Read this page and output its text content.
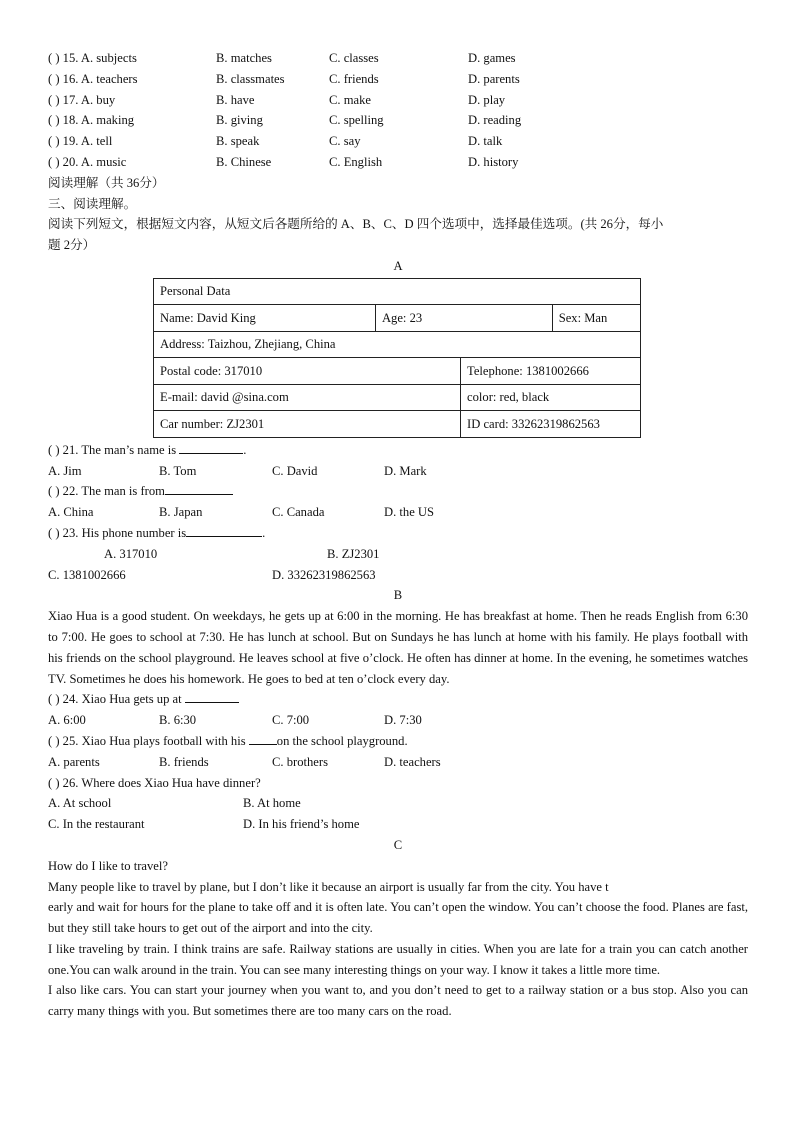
( ) 15. A. subjects	B. matches	C. classes	D. games
( ) 16. A. teachers	B. classmates	C. friends	D. parents
( ) 17. A. buy	B. have	C. make	D. play
( ) 18. A. making	B. giving	C. spelling	D. reading
( ) 19. A. tell	B. speak	C. say	D. talk
( ) 20. A. music	B. Chinese	C. English	D. history
阅读理解（共 36分）
三、阅读理解。
阅读下列短文，根据短文内容，从短文后各题所给的 A、B、C、D 四个选项中，选择最佳选项。(共 26分，每小
题 2分）
A
Personal Data			
Name: David King	Age: 23		Sex: Man
Address: Taizhou, Zhejiang, China			
Postal code: 317010		Telephone: 1381002666	
E-mail: david @sina.com		color: red, black	
Car number: ZJ2301		ID card: 33262319862563	
( ) 21. The man’s name is	.
A. Jim	B. Tom	C. David	D. Mark
( ) 22. The man is from
A. China	B. Japan	C. Canada	D. the US
( ) 23. His phone number is	.
A. 317010	B. ZJ2301
C. 1381002666	D. 33262319862563
B

Xiao Hua is a good student. On weekdays, he gets up at 6:00 in the morning. He has breakfast at home. Then he reads English from 6:30 to 7:00. He goes to school at 7:30. He has lunch at school. But on Sundays he has lunch at home with his family. He plays football with his friends on the school playground. He leaves school at five o’clock. He often has dinner at home. In the evening, he sometimes watches TV. Sometimes he does his homework. He goes to bed at ten o’clock every day.

( ) 24. Xiao Hua gets up at
A. 6:00	B. 6:30	C. 7:00	D. 7:30
( ) 25. Xiao Hua plays football with his on the school playground.
A. parents	B. friends	C. brothers	D. teachers
( ) 26. Where does Xiao Hua have dinner?
A. At school	B. At home
C. In the restaurant	D. In his friend’s home
C
How do I like to travel?
Many people like to travel by plane, but I don’t like it because an airport is usually far from the city. You have t

early and wait for hours for the plane to take off and it is often late. You can’t open the window. You can’t choose the food. Planes are fast, but they still take hours to get out of the airport and into the city.

I like traveling by train. I think trains are safe. Railway stations are usually in cities. When you are late for a train you can catch another one.You can walk around in the train. You can see many interesting things on your way. I know it takes a little more time.

I also like cars. You can start your journey when you want to, and you don’t need to get to a railway station or a bus stop. Also you can carry many things with you. But sometimes there are too many cars on the road.
